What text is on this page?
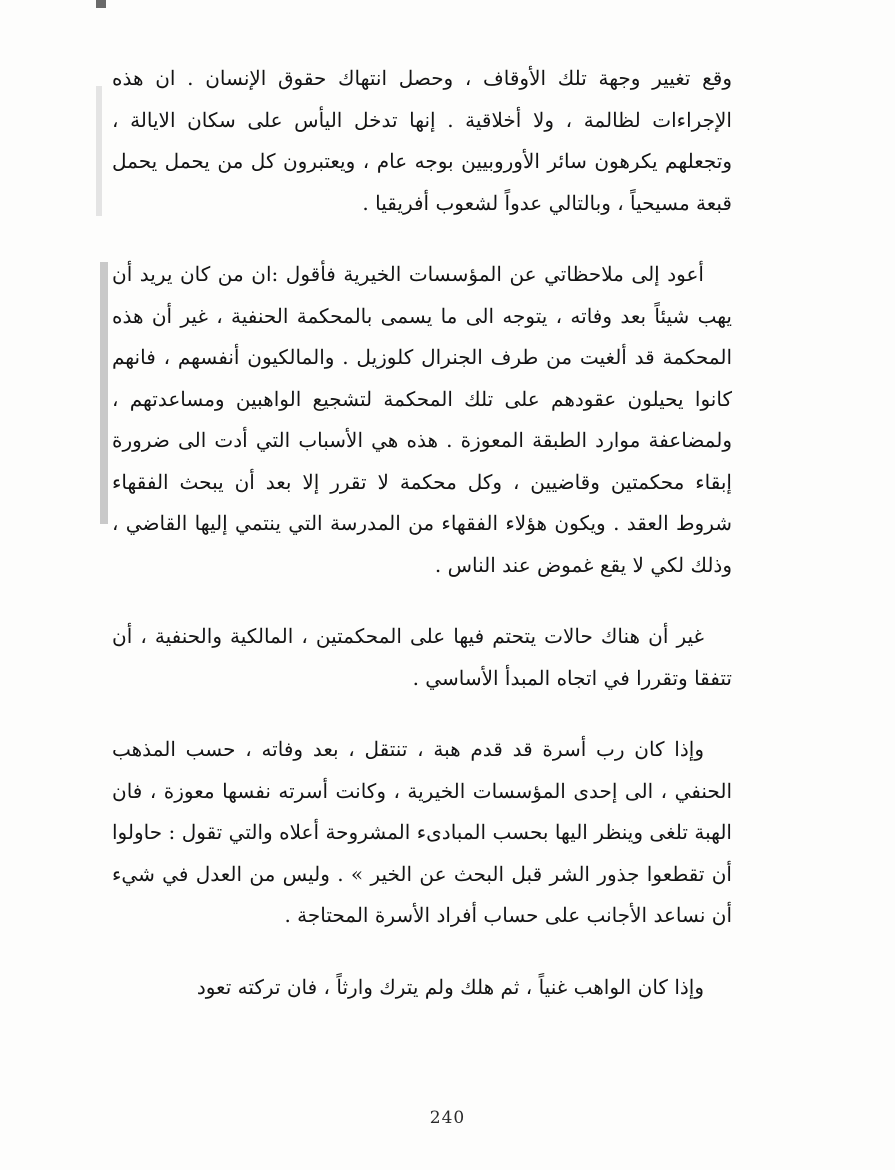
وقع تغيير وجهة تلك الأوقاف ، وحصل انتهاك حقوق الإنسان . ان هذه الإجراءات لظالمة ، ولا أخلاقية . إنها تدخل اليأس على سكان الايالة ، وتجعلهم يكرهون سائر الأوروبيين بوجه عام ، ويعتبرون كل من يحمل يحمل قبعة مسيحياً ، وبالتالي عدواً لشعوب أفريقيا .

أعود إلى ملاحظاتي عن المؤسسات الخيرية فأقول :ان من كان يريد أن يهب شيئاً بعد وفاته ، يتوجه الى ما يسمى بالمحكمة الحنفية ، غير أن هذه المحكمة قد ألغيت من طرف الجنرال كلوزيل . والمالكيون أنفسهم ، فانهم كانوا يحيلون عقودهم على تلك المحكمة لتشجيع الواهبين ومساعدتهم ، ولمضاعفة موارد الطبقة المعوزة . هذه هي الأسباب التي أدت الى ضرورة إبقاء محكمتين وقاضيين ، وكل محكمة لا تقرر إلا بعد أن يبحث الفقهاء شروط العقد . ويكون هؤلاء الفقهاء من المدرسة التي ينتمي إليها القاضي ، وذلك لكي لا يقع غموض عند الناس .

غير أن هناك حالات يتحتم فيها على المحكمتين ، المالكية والحنفية ، أن تتفقا وتقررا في اتجاه المبدأ الأساسي .

وإذا كان رب أسرة قد قدم هبة ، تنتقل ، بعد وفاته ، حسب المذهب الحنفي ، الى إحدى المؤسسات الخيرية ، وكانت أسرته نفسها معوزة ، فان الهبة تلغى وينظر اليها بحسب المبادىء المشروحة أعلاه والتي تقول : حاولوا أن تقطعوا جذور الشر قبل البحث عن الخير » . وليس من العدل في شيء أن نساعد الأجانب على حساب أفراد الأسرة المحتاجة .

وإذا كان الواهب غنياً ، ثم هلك ولم يترك وارثاً ، فان تركته تعود

240
